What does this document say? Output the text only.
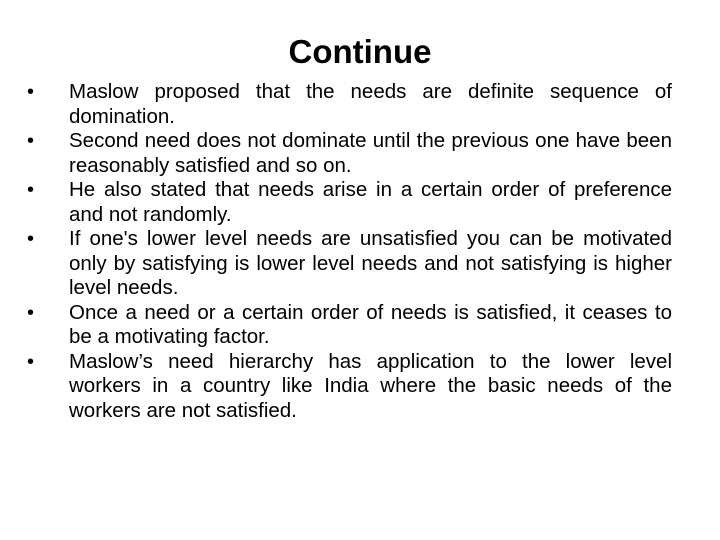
Continue
•	Maslow proposed that the needs are definite sequence of domination.
•	Second need does not dominate until the previous one have been reasonably satisfied and so on.
•	He also stated that needs arise in a certain order of preference and not randomly.
•	If one's lower level needs are unsatisfied you can be motivated only by satisfying is lower level needs and not satisfying is higher level needs.
•	Once a need or a certain order of needs is satisfied, it ceases to be a motivating factor.
•	Maslow’s need hierarchy has application to the lower level workers in a country like India where the basic needs of the workers are not satisfied.
